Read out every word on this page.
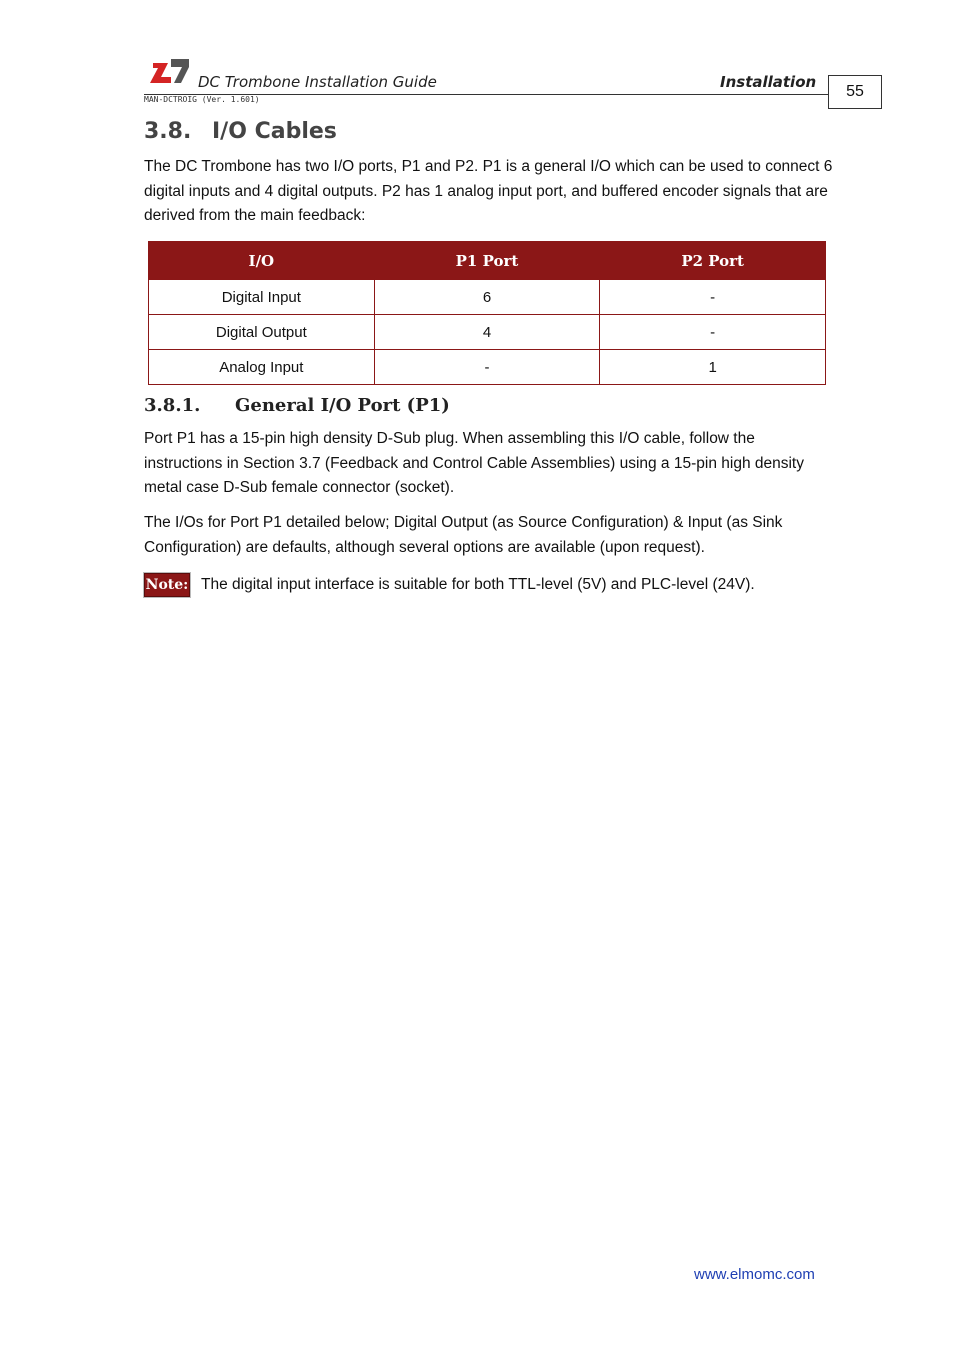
DC Trombone Installation Guide	Installation
MAN-DCTROIG (Ver. 1.601)	55
3.8. I/O Cables

The DC Trombone has two I/O ports, P1 and P2. P1 is a general I/O which can be used to connect 6 digital inputs and 4 digital outputs. P2 has 1 analog input port, and buffered encoder signals that are derived from the main feedback:

I/O	P1 Port	P2 Port
Digital Input	6	-
Digital Output	4	-
Analog Input	-	1
3.8.1. General I/O Port (P1)

Port P1 has a 15-pin high density D-Sub plug. When assembling this I/O cable, follow the instructions in Section 3.7 (Feedback and Control Cable Assemblies) using a 15-pin high density metal case D-Sub female connector (socket).

The I/Os for Port P1 detailed below; Digital Output (as Source Configuration) & Input (as Sink Configuration) are defaults, although several options are available (upon request).

Note: The digital input interface is suitable for both TTL-level (5V) and PLC-level (24V).

www.elmomc.com
